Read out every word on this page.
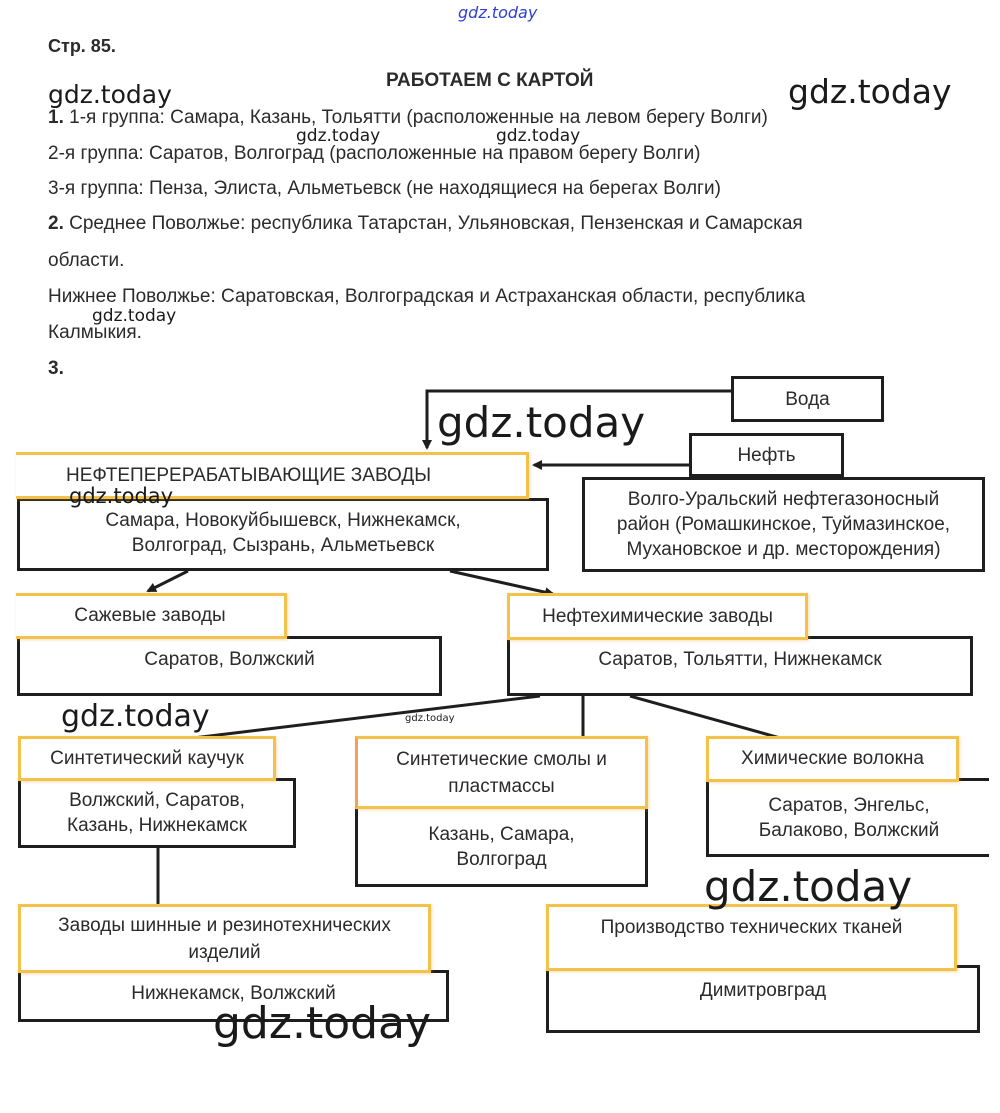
gdz.today
gdz.today	gdz.today
gdz.today	gdz.today
gdz.today
Стр. 85.
РАБОТАЕМ С КАРТОЙ
1. 1-я группа: Самара, Казань, Тольятти (расположенные на левом берегу Волги)
2-я группа: Саратов, Волгоград (расположенные на правом берегу Волги)
3-я группа: Пенза, Элиста, Альметьевск (не находящиеся на берегах Волги)
2. Среднее Поволжье: республика Татарстан, Ульяновская, Пензенская и Самарская
области.
Нижнее Поволжье: Саратовская, Волгоградская и Астраханская области, республика
Калмыкия.
3.
Вода
Нефть
Волго-Уральский нефтегазоносный
район (Ромашкинское, Туймазинское,
Мухановское и др. месторождения)
Самара, Новокуйбышевск, Нижнекамск,
Волгоград, Сызрань, Альметьевск
НЕФТЕПЕРЕРАБАТЫВАЮЩИЕ ЗАВОДЫ
Саратов, Волжский
Сажевые заводы
Саратов, Тольятти, Нижнекамск
Нефтехимические заводы
Волжский, Саратов,
Казань, Нижнекамск
Синтетический каучук
Казань, Самара,
Волгоград
Синтетические смолы и
пластмассы
Саратов, Энгельс,
Балаково, Волжский
Химические волокна
Нижнекамск, Волжский
Заводы шинные и резинотехнических
изделий
Димитровград
Производство технических тканей
gdz.today
gdz.today
gdz.today	gdz.today
gdz.today
gdz.today
